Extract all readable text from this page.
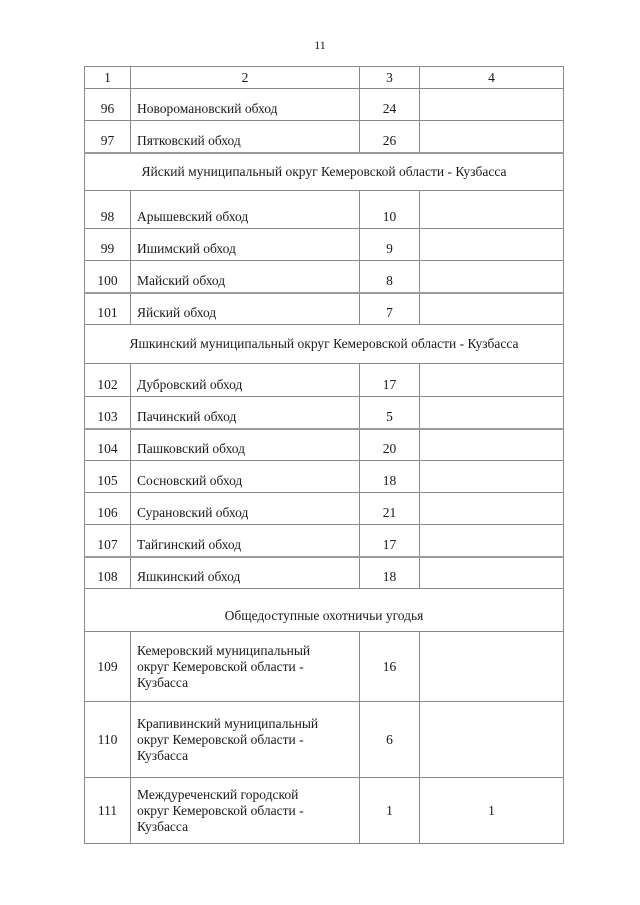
11
1	2	3	4
96	Новоромановский обход	24	
97	Пятковский обход	26	
Яйский муниципальный округ Кемеровской области - Кузбасса			
98	Арышевский обход	10	
99	Ишимский обход	9	
100	Майский обход	8	
101	Яйский обход	7	
Яшкинский муниципальный округ Кемеровской области - Кузбасса			
102	Дубровский обход	17	
103	Пачинский обход	5	
104	Пашковский обход	20	
105	Сосновский обход	18	
106	Сурановский обход	21	
107	Тайгинский обход	17	
108	Яшкинский обход	18	
Общедоступные охотничьи угодья			
109	Кемеровский муниципальный
округ Кемеровской области -
Кузбасса	16	
110	Крапивинский муниципальный
округ Кемеровской области -
Кузбасса	6	
111	Междуреченский городской
округ Кемеровской области -
Кузбасса	1	1
